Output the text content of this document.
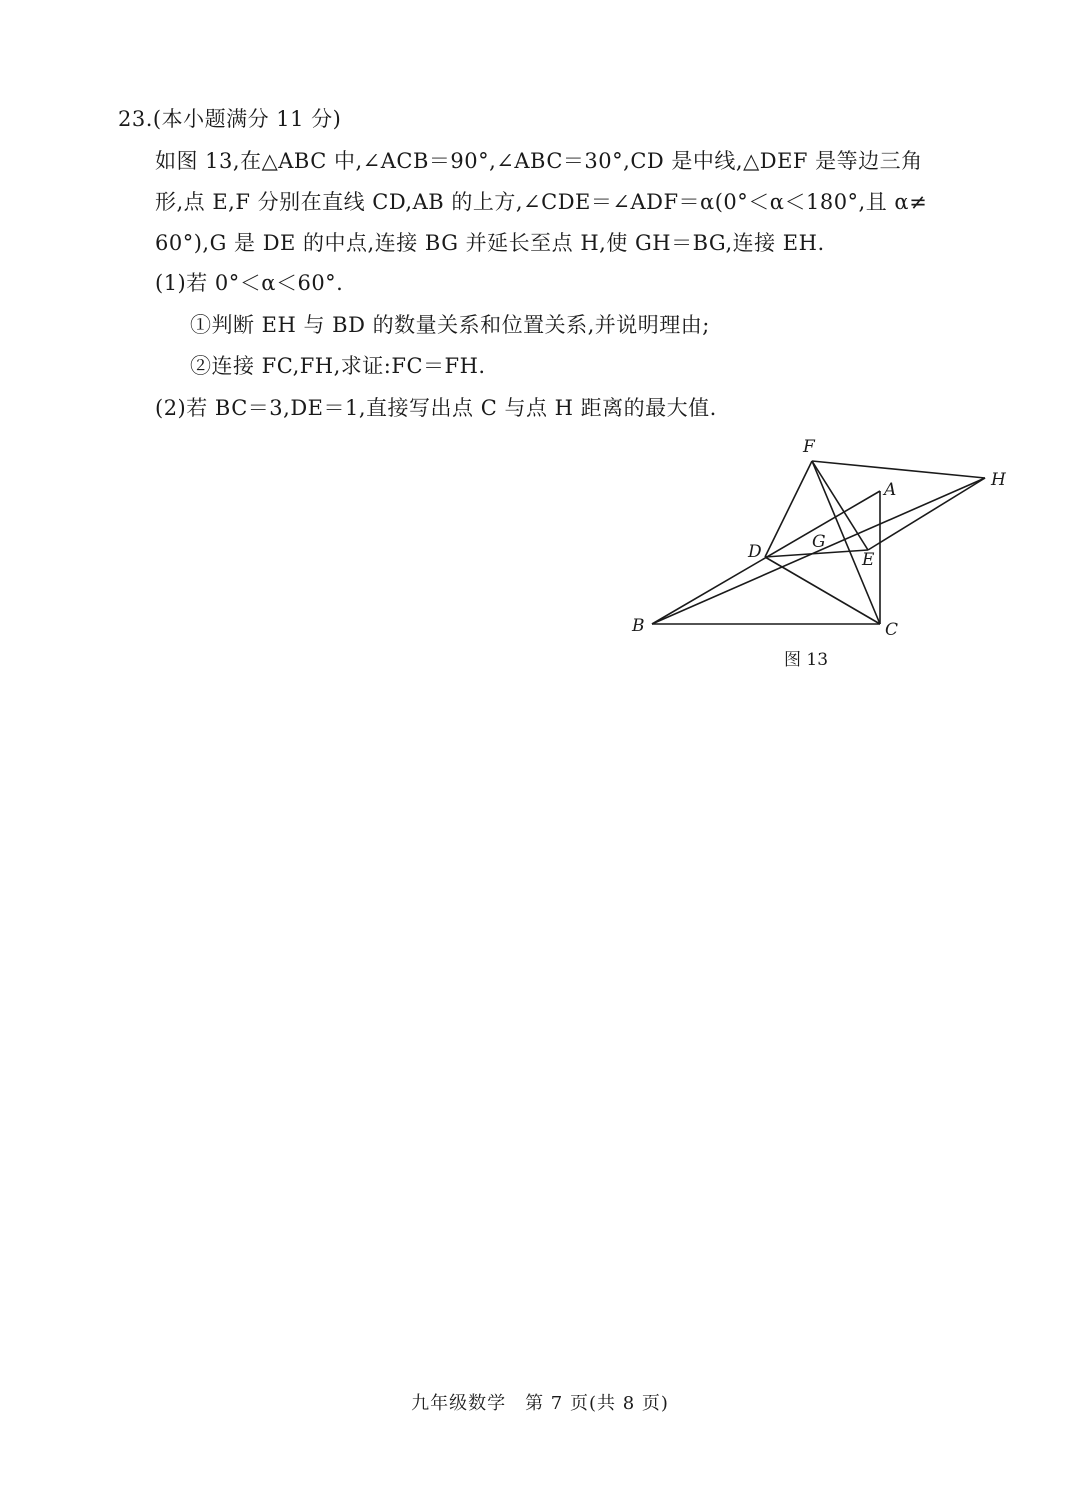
23.(本小题满分 11 分)
如图 13,在△ABC 中,∠ACB＝90°,∠ABC＝30°,CD 是中线,△DEF 是等边三角
形,点 E,F 分别在直线 CD,AB 的上方,∠CDE＝∠ADF＝α(0°＜α＜180°,且 α≠
60°),G 是 DE 的中点,连接 BG 并延长至点 H,使 GH＝BG,连接 EH.
(1)若 0°＜α＜60°.
①判断 EH 与 BD 的数量关系和位置关系,并说明理由;
②连接 FC,FH,求证:FC＝FH.
(2)若 BC＝3,DE＝1,直接写出点 C 与点 H 距离的最大值.
F
H
A
G
D	E
B	C
图 13
九年级数学　第 7 页(共 8 页)
